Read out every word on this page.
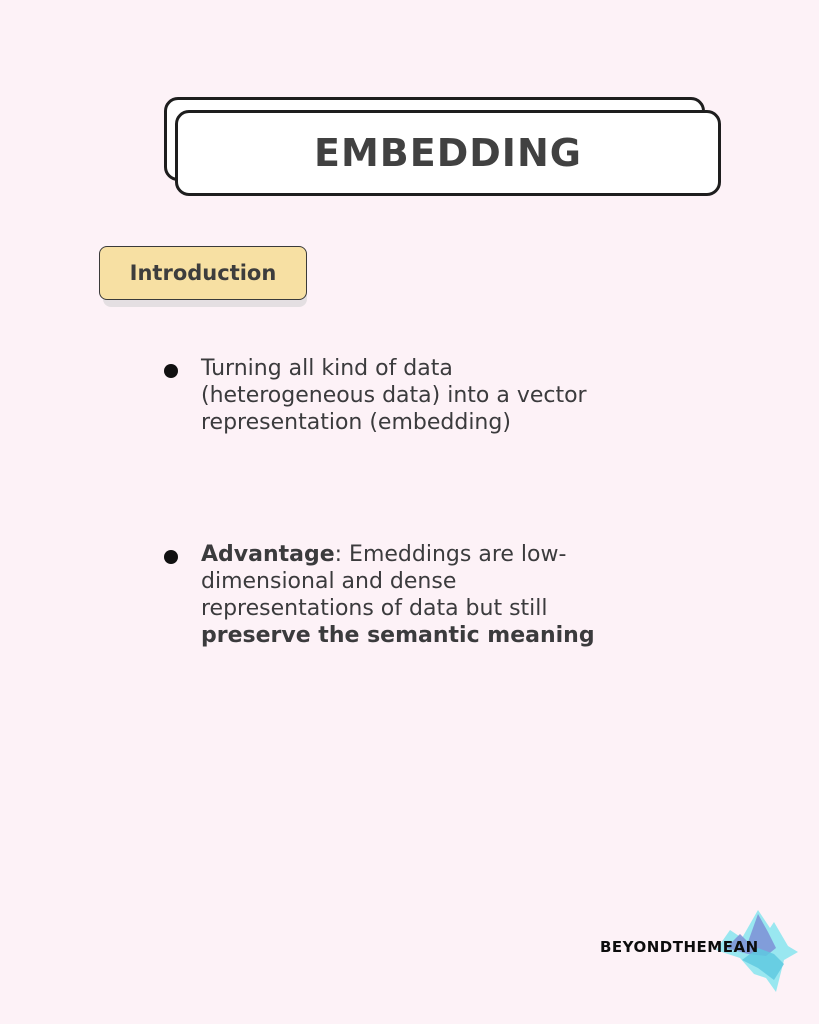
EMBEDDING
Introduction

Turning all kind of data (heterogeneous data) into a vector representation (embedding)

Advantage: Emeddings are low-dimensional and dense representations of data but still preserve the semantic meaning

BEYONDTHEMEAN
